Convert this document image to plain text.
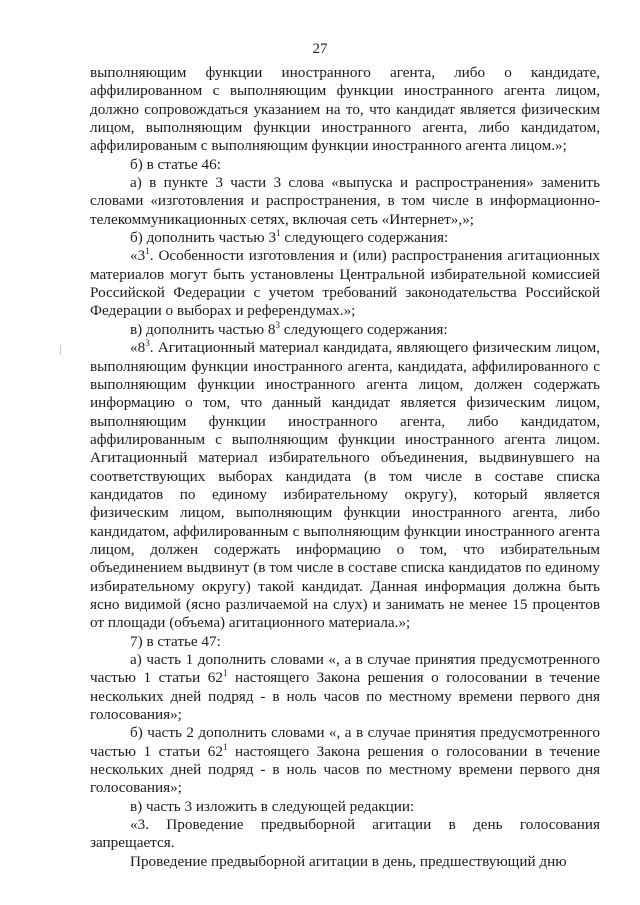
27

выполняющим функции иностранного агента, либо о кандидате, аффилированном с выполняющим функции иностранного агента лицом, должно сопровождаться указанием на то, что кандидат является физическим лицом, выполняющим функции иностранного агента, либо кандидатом, аффилированым с выполняющим функции иностранного агента лицом.»;

б) в статье 46:

а) в пункте 3 части 3 слова «выпуска и распространения» заменить словами «изготовления и распространения, в том числе в информационно-телекоммуникационных сетях, включая сеть «Интернет»,»;

б) дополнить частью $3^1$ следующего содержания:

«$3^1$. Особенности изготовления и (или) распространения агитационных материалов могут быть установлены Центральной избирательной комиссией Российской Федерации с учетом требований законодательства Российской Федерации о выборах и референдумах.»;

в) дополнить частью $8^3$ следующего содержания:

«$8^3$. Агитационный материал кандидата, являющего физическим лицом, выполняющим функции иностранного агента, кандидата, аффилированного с выполняющим функции иностранного агента лицом, должен содержать информацию о том, что данный кандидат является физическим лицом, выполняющим функции иностранного агента, либо кандидатом, аффилированным с выполняющим функции иностранного агента лицом. Агитационный материал избирательного объединения, выдвинувшего на соответствующих выборах кандидата (в том числе в составе списка кандидатов по единому избирательному округу), который является физическим лицом, выполняющим функции иностранного агента, либо кандидатом, аффилированным с выполняющим функции иностранного агента лицом, должен содержать информацию о том, что избирательным объединением выдвинут (в том числе в составе списка кандидатов по единому избирательному округу) такой кандидат. Данная информация должна быть ясно видимой (ясно различаемой на слух) и занимать не менее 15 процентов от площади (объема) агитационного материала.»;

7) в статье 47:

а) часть 1 дополнить словами «, а в случае принятия предусмотренного частью 1 статьи $62^1$ настоящего Закона решения о голосовании в течение нескольких дней подряд - в ноль часов по местному времени первого дня голосования»;

б) часть 2 дополнить словами «, а в случае принятия предусмотренного частью 1 статьи $62^1$ настоящего Закона решения о голосовании в течение нескольких дней подряд - в ноль часов по местному времени первого дня голосования»;

в) часть 3 изложить в следующей редакции:

«3. Проведение предвыборной агитации в день голосования запрещается.

Проведение предвыборной агитации в день, предшествующий дню
